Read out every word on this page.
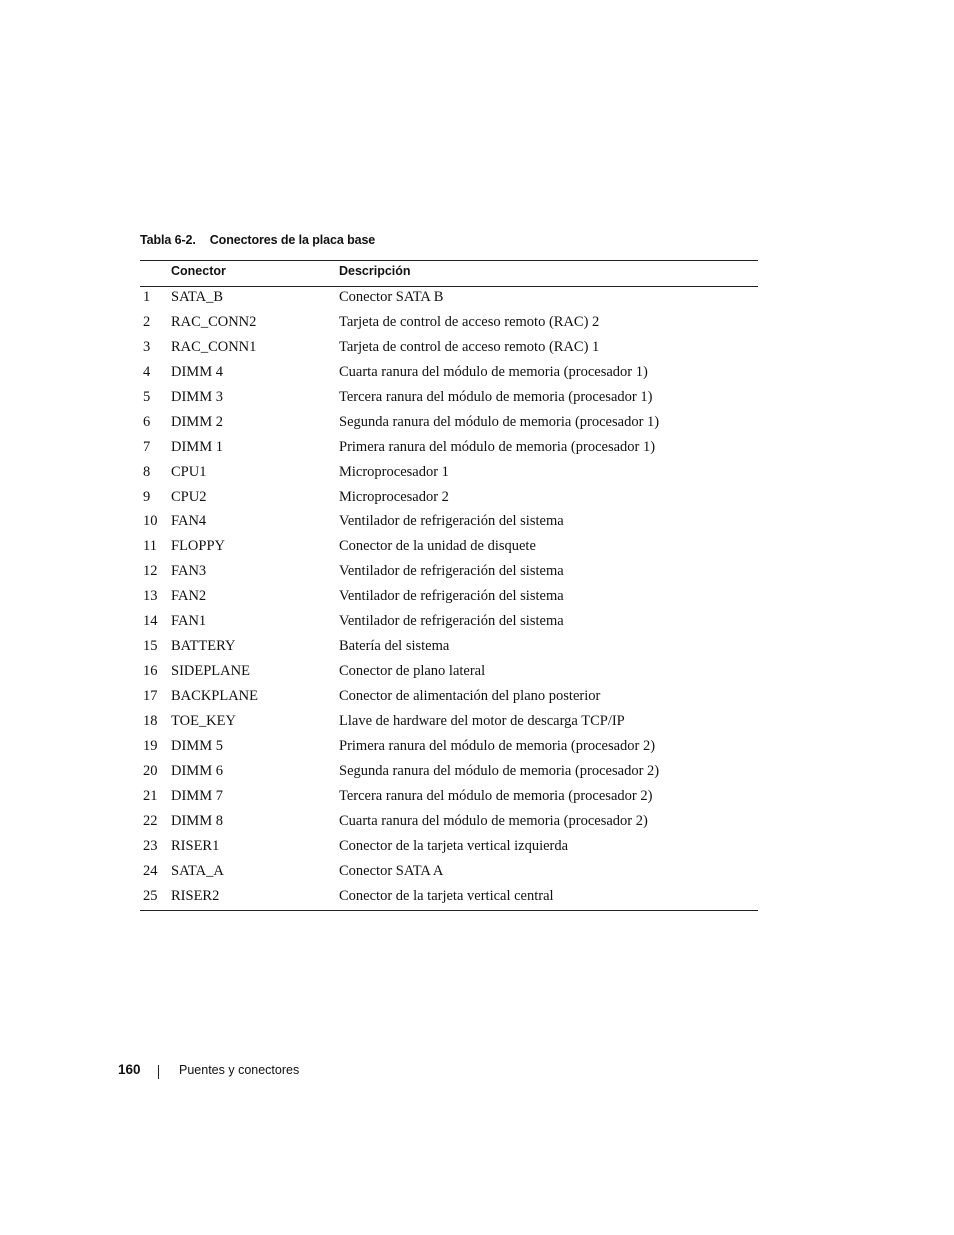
Tabla 6-2. Conectores de la placa base
Conector	Descripción
1 SATA_B	Conector SATA B
2 RAC_CONN2	Tarjeta de control de acceso remoto (RAC) 2
3 RAC_CONN1	Tarjeta de control de acceso remoto (RAC) 1
4 DIMM 4	Cuarta ranura del módulo de memoria (procesador 1)
5 DIMM 3	Tercera ranura del módulo de memoria (procesador 1)
6 DIMM 2	Segunda ranura del módulo de memoria (procesador 1)
7 DIMM 1	Primera ranura del módulo de memoria (procesador 1)
8 CPU1	Microprocesador 1
9 CPU2	Microprocesador 2
10 FAN4	Ventilador de refrigeración del sistema
11 FLOPPY	Conector de la unidad de disquete
12 FAN3	Ventilador de refrigeración del sistema
13 FAN2	Ventilador de refrigeración del sistema
14 FAN1	Ventilador de refrigeración del sistema
15 BATTERY	Batería del sistema
16 SIDEPLANE	Conector de plano lateral
17 BACKPLANE	Conector de alimentación del plano posterior
18 TOE_KEY	Llave de hardware del motor de descarga TCP/IP
19 DIMM 5	Primera ranura del módulo de memoria (procesador 2)
20 DIMM 6	Segunda ranura del módulo de memoria (procesador 2)
21 DIMM 7	Tercera ranura del módulo de memoria (procesador 2)
22 DIMM 8	Cuarta ranura del módulo de memoria (procesador 2)
23 RISER1	Conector de la tarjeta vertical izquierda
24 SATA_A	Conector SATA A
25 RISER2	Conector de la tarjeta vertical central
160	Puentes y conectores
